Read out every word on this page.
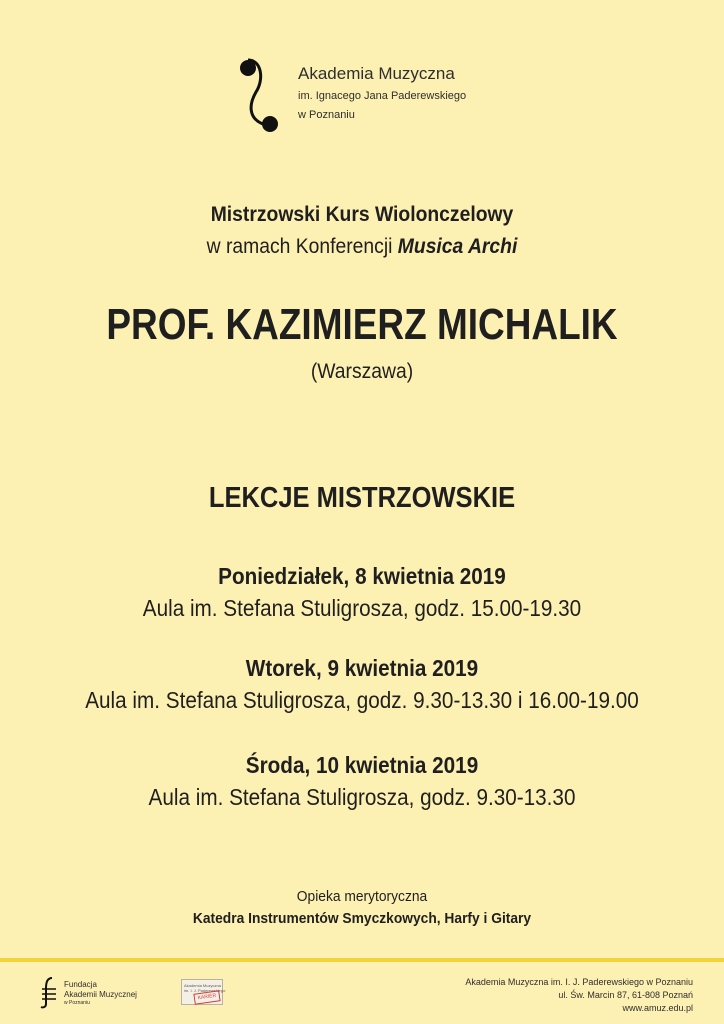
Akademia Muzyczna
im. Ignacego Jana Paderewskiego
w Poznaniu
Mistrzowski Kurs Wiolonczelowy
w ramach Konferencji Musica Archi
PROF. KAZIMIERZ MICHALIK
(Warszawa)
LEKCJE MISTRZOWSKIE
Poniedziałek, 8 kwietnia 2019
Aula im. Stefana Stuligrosza, godz. 15.00-19.30
Wtorek, 9 kwietnia 2019
Aula im. Stefana Stuligrosza, godz. 9.30-13.30 i 16.00-19.00
Środa, 10 kwietnia 2019
Aula im. Stefana Stuligrosza, godz. 9.30-13.30
Opieka merytoryczna
Katedra Instrumentów Smyczkowych, Harfy i Gitary
Fundacja
Akademii Muzycznej
w Poznaniu
Akademia Muzyczna
im. I. J. Paderewskiego
KARIER
Akademia Muzyczna im. I. J. Paderewskiego w Poznaniu
ul. Św. Marcin 87, 61-808 Poznań
www.amuz.edu.pl
